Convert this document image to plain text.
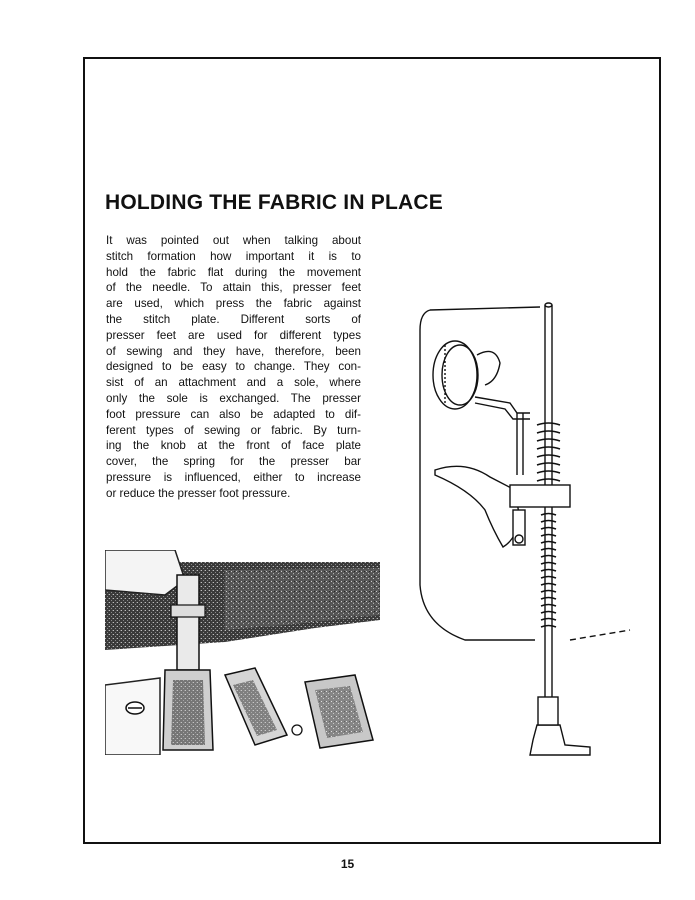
HOLDING THE FABRIC IN PLACE
It was pointed out when talking about
stitch formation how important it is to
hold the fabric flat during the movement
of the needle. To attain this, presser feet
are used, which press the fabric against
the stitch plate. Different sorts of
presser feet are used for different types
of sewing and they have, therefore, been
designed to be easy to change. They con-
sist of an attachment and a sole, where
only the sole is exchanged. The presser
foot pressure can also be adapted to dif-
ferent types of sewing or fabric. By turn-
ing the knob at the front of face plate
cover, the spring for the presser bar
pressure is influenced, either to increase
or reduce the presser foot pressure.
15
